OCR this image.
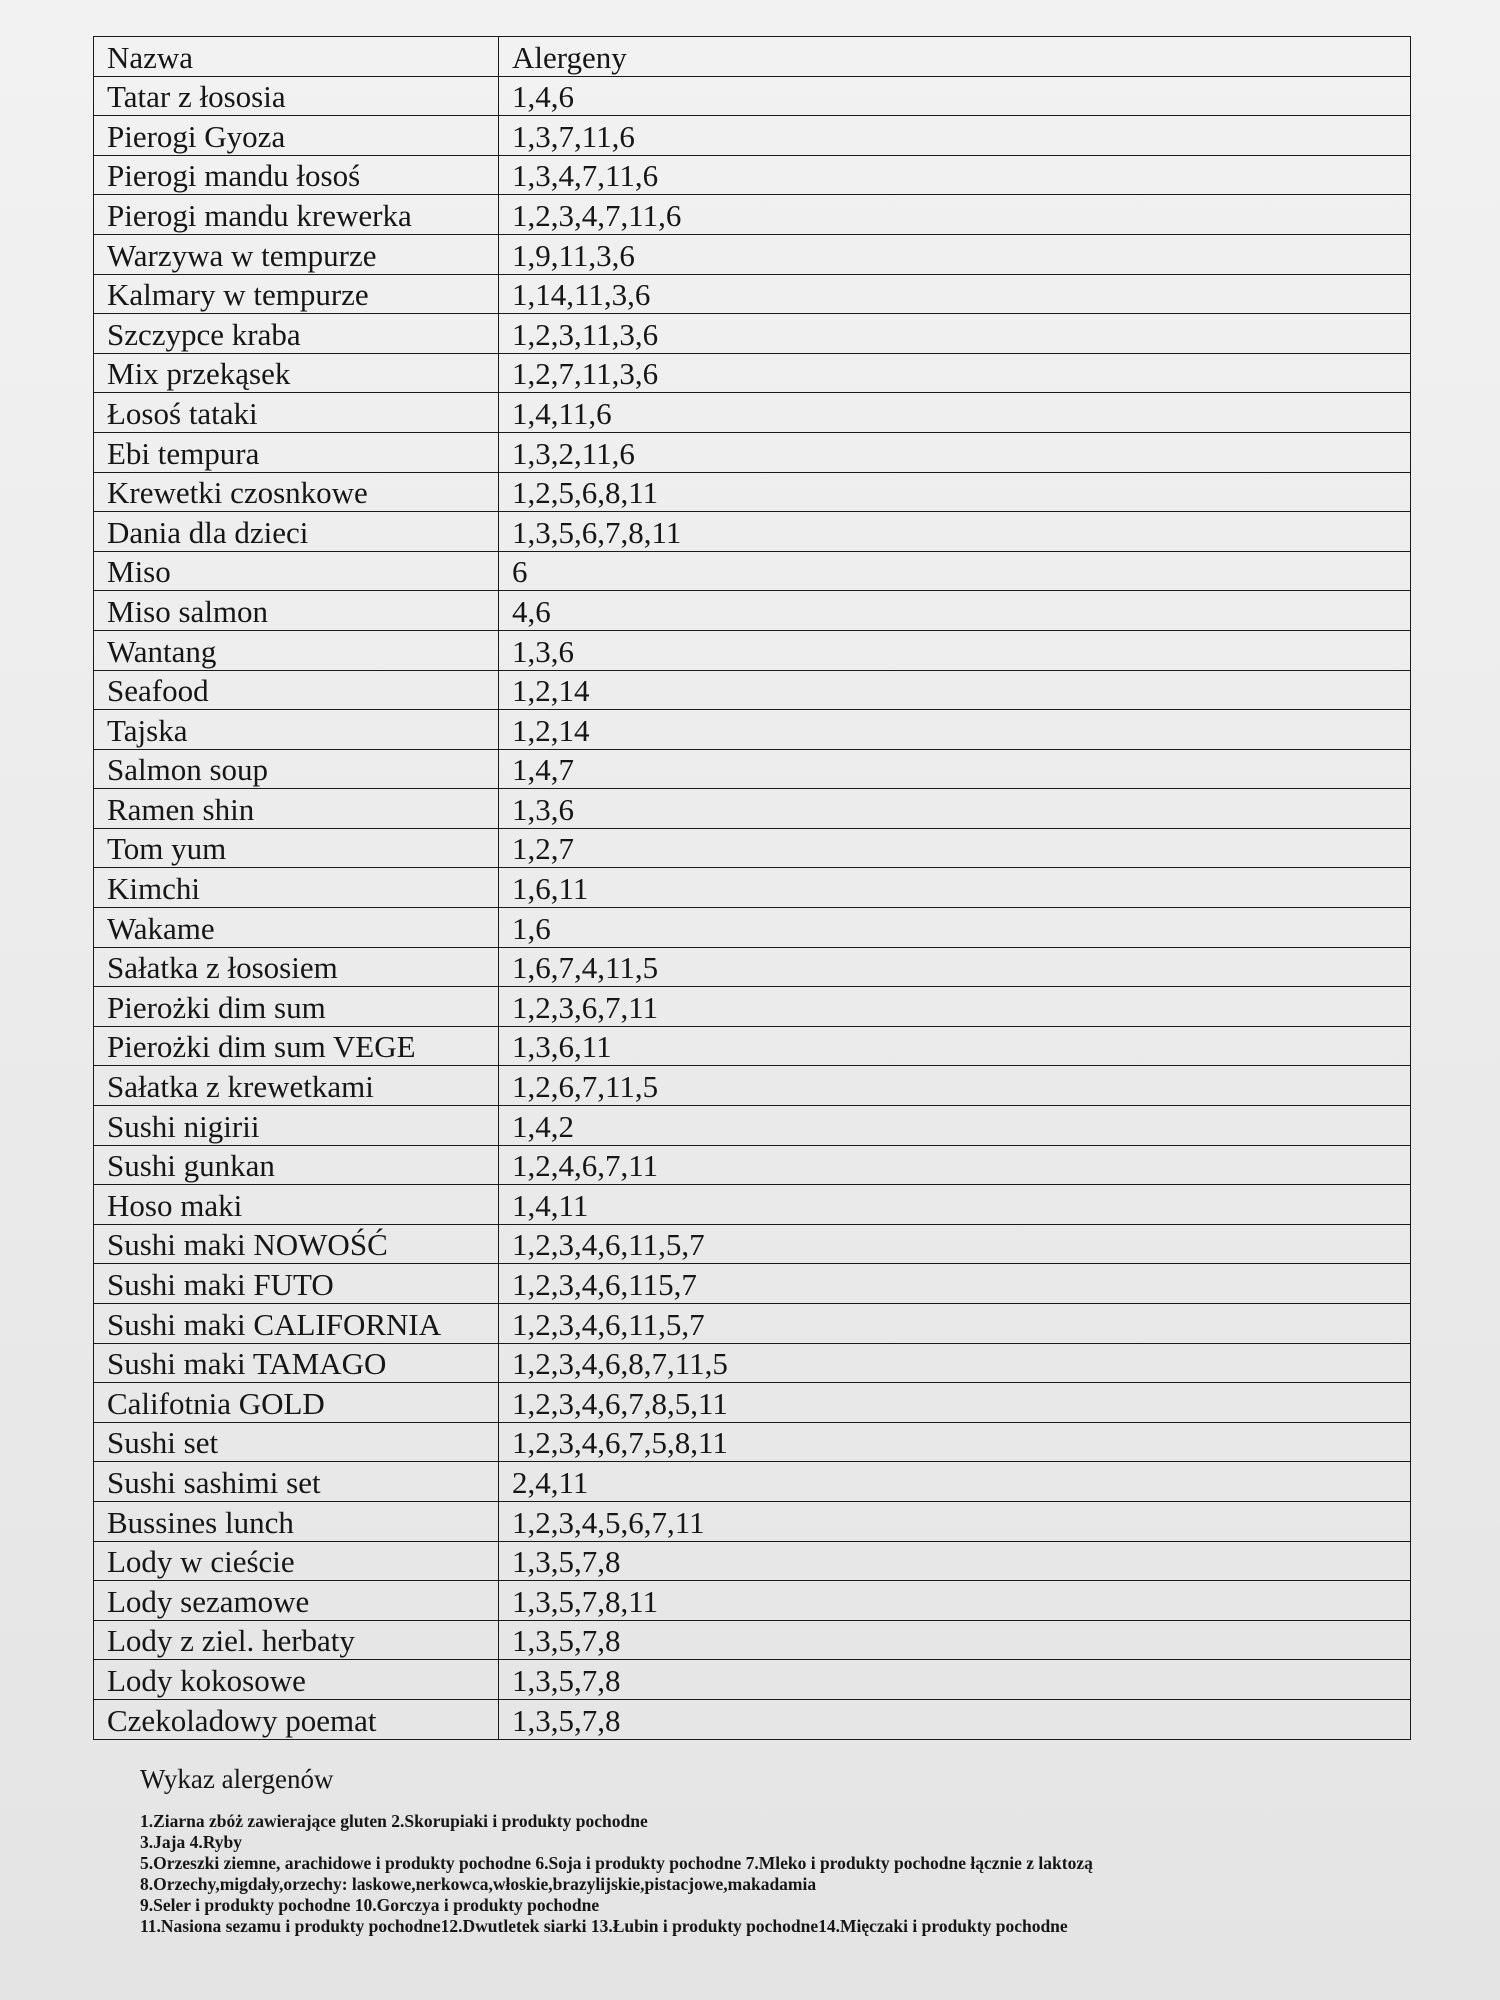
Nazwa	Alergeny
Tatar z łososia	1,4,6
Pierogi Gyoza	1,3,7,11,6
Pierogi mandu łosoś	1,3,4,7,11,6
Pierogi mandu krewerka	1,2,3,4,7,11,6
Warzywa w tempurze	1,9,11,3,6
Kalmary w tempurze	1,14,11,3,6
Szczypce kraba	1,2,3,11,3,6
Mix przekąsek	1,2,7,11,3,6
Łosoś tataki	1,4,11,6
Ebi tempura	1,3,2,11,6
Krewetki czosnkowe	1,2,5,6,8,11
Dania dla dzieci	1,3,5,6,7,8,11
Miso	6
Miso salmon	4,6
Wantang	1,3,6
Seafood	1,2,14
Tajska	1,2,14
Salmon soup	1,4,7
Ramen shin	1,3,6
Tom yum	1,2,7
Kimchi	1,6,11
Wakame	1,6
Sałatka z łososiem	1,6,7,4,11,5
Pierożki dim sum	1,2,3,6,7,11
Pierożki dim sum VEGE	1,3,6,11
Sałatka z krewetkami	1,2,6,7,11,5
Sushi nigirii	1,4,2
Sushi gunkan	1,2,4,6,7,11
Hoso maki	1,4,11
Sushi maki NOWOŚĆ	1,2,3,4,6,11,5,7
Sushi maki FUTO	1,2,3,4,6,115,7
Sushi maki CALIFORNIA	1,2,3,4,6,11,5,7
Sushi maki TAMAGO	1,2,3,4,6,8,7,11,5
Califotnia GOLD	1,2,3,4,6,7,8,5,11
Sushi set	1,2,3,4,6,7,5,8,11
Sushi sashimi set	2,4,11
Bussines lunch	1,2,3,4,5,6,7,11
Lody w cieście	1,3,5,7,8
Lody sezamowe	1,3,5,7,8,11
Lody z ziel. herbaty	1,3,5,7,8
Lody kokosowe	1,3,5,7,8
Czekoladowy poemat	1,3,5,7,8
Wykaz alergenów
1.Ziarna zbóż zawierające gluten 2.Skorupiaki i produkty pochodne
3.Jaja 4.Ryby
5.Orzeszki ziemne, arachidowe i produkty pochodne 6.Soja i produkty pochodne 7.Mleko i produkty pochodne łącznie z laktozą
8.Orzechy,migdały,orzechy: laskowe,nerkowca,włoskie,brazylijskie,pistacjowe,makadamia
9.Seler i produkty pochodne 10.Gorczya i produkty pochodne
11.Nasiona sezamu i produkty pochodne12.Dwutletek siarki 13.Łubin i produkty pochodne14.Mięczaki i produkty pochodne
